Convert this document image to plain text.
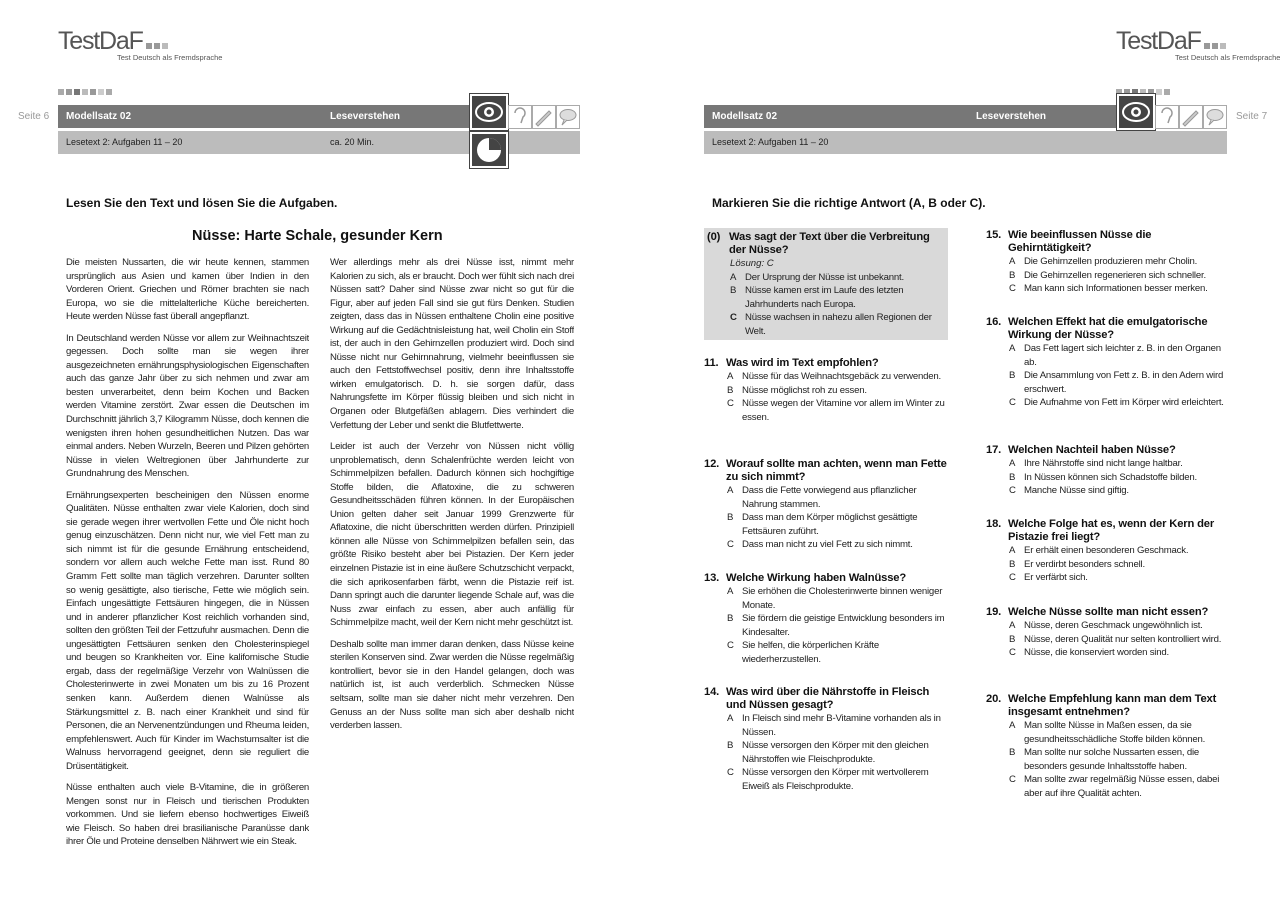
TestDaF
Test Deutsch als Fremdsprache
Seite 6 Modellsatz 02	Leseverstehen
Lesetext 2: Aufgaben 11 – 20	ca. 20 Min.
Lesen Sie den Text und lösen Sie die Aufgaben.
Nüsse: Harte Schale, gesunder Kern

Die meisten Nussarten, die wir heute kennen, stammen ursprünglich aus Asien und kamen über Indien in den Vorderen Orient. Griechen und Römer brachten sie nach Europa, wo sie die mittelalterliche Küche bereicherten. Heute werden Nüsse fast überall angepflanzt.

In Deutschland werden Nüsse vor allem zur Weihnachtszeit gegessen. Doch sollte man sie wegen ihrer ausgezeichneten ernährungsphysiologischen Eigenschaften auch das ganze Jahr über zu sich nehmen und zwar am besten unverarbeitet, denn beim Kochen und Backen werden Vitamine zerstört. Zwar essen die Deutschen im Durchschnitt jährlich 3,7 Kilogramm Nüsse, doch kennen die wenigsten ihren hohen gesundheitlichen Nutzen. Das war einmal anders. Neben Wurzeln, Beeren und Pilzen gehörten Nüsse in vielen Weltregionen über Jahrhunderte zur Grundnahrung des Menschen.

Ernährungsexperten bescheinigen den Nüssen enorme Qualitäten. Nüsse enthalten zwar viele Kalorien, doch sind sie gerade wegen ihrer wertvollen Fette und Öle nicht hoch genug einzuschätzen. Denn nicht nur, wie viel Fett man zu sich nimmt ist für die gesunde Ernährung entscheidend, sondern vor allem auch welche Fette man isst. Rund 80 Gramm Fett sollte man täglich verzehren. Darunter sollten so wenig gesättigte, also tierische, Fette wie möglich sein. Einfach ungesättigte Fettsäuren hingegen, die in Nüssen und in anderer pflanzlicher Kost reichlich vorhanden sind, sollten den größten Teil der Fettzufuhr ausmachen. Denn die ungesättigten Fettsäuren senken den Cholesterinspiegel und beugen so Krankheiten vor. Eine kalifornische Studie ergab, dass der regelmäßige Verzehr von Walnüssen die Cholesterinwerte in zwei Monaten um bis zu 16 Prozent senken kann. Außerdem dienen Walnüsse als Stärkungsmittel z. B. nach einer Krankheit und sind für Personen, die an Nervenentzündungen und Rheuma leiden, empfehlenswert. Auch für Kinder im Wachstumsalter ist die Walnuss hervorragend geeignet, denn sie reguliert die Drüsentätigkeit.

Nüsse enthalten auch viele B-Vitamine, die in größeren Mengen sonst nur in Fleisch und tierischen Produkten vorkommen. Und sie liefern ebenso hochwertiges Eiweiß wie Fleisch. So haben drei brasilianische Paranüsse dank ihrer Öle und Proteine denselben Nährwert wie ein Steak.

Wer allerdings mehr als drei Nüsse isst, nimmt mehr Kalorien zu sich, als er braucht. Doch wer fühlt sich nach drei Nüssen satt? Daher sind Nüsse zwar nicht so gut für die Figur, aber auf jeden Fall sind sie gut fürs Denken. Studien zeigten, dass das in Nüssen enthaltene Cholin eine positive Wirkung auf die Gedächtnisleistung hat, weil Cholin ein Stoff ist, der auch in den Gehirnzellen produziert wird. Doch sind Nüsse nicht nur Gehirnnahrung, vielmehr beeinflussen sie auch den Fettstoffwechsel positiv, denn ihre Inhaltsstoffe wirken emulgatorisch. D. h. sie sorgen dafür, dass Nahrungsfette im Körper flüssig bleiben und sich nicht in Organen oder Blutgefäßen ablagern. Dies verhindert die Verfettung der Leber und senkt die Blutfettwerte.

Leider ist auch der Verzehr von Nüssen nicht völlig unproblematisch, denn Schalenfrüchte werden leicht von Schimmelpilzen befallen. Dadurch können sich hochgiftige Stoffe bilden, die Aflatoxine, die zu schweren Gesundheitsschäden führen können. In der Europäischen Union gelten daher seit Januar 1999 Grenzwerte für Aflatoxine, die nicht überschritten werden dürfen. Prinzipiell können alle Nüsse von Schimmelpilzen befallen sein, das größte Risiko besteht aber bei Pistazien. Der Kern jeder einzelnen Pistazie ist in eine äußere Schutzschicht verpackt, die sich aprikosenfarben färbt, wenn die Pistazie reif ist. Dann springt auch die darunter liegende Schale auf, was die Nuss zwar einfach zu essen, aber auch anfällig für Schimmelpilze macht, weil der Kern nicht mehr geschützt ist.

Deshalb sollte man immer daran denken, dass Nüsse keine sterilen Konserven sind. Zwar werden die Nüsse regelmäßig kontrolliert, bevor sie in den Handel gelangen, doch was natürlich ist, ist auch verderblich. Schmecken Nüsse seltsam, sollte man sie daher nicht mehr verzehren. Den Genuss an der Nuss sollte man sich aber deshalb nicht verderben lassen.

TestDaF
Test Deutsch als Fremdsprache
Seite 7
Modellsatz 02	Leseverstehen
Lesetext 2: Aufgaben 11 – 20
Markieren Sie die richtige Antwort (A, B oder C).
(0) Was sagt der Text über die Verbreitung der Nüsse?
Lösung: C
A Der Ursprung der Nüsse ist unbekannt.
B Nüsse kamen erst im Laufe des letzten Jahrhunderts nach Europa.
C Nüsse wachsen in nahezu allen Regionen der Welt.
11. Was wird im Text empfohlen?
A Nüsse für das Weihnachtsgebäck zu verwenden.
B Nüsse möglichst roh zu essen.
C Nüsse wegen der Vitamine vor allem im Winter zu essen.
12. Worauf sollte man achten, wenn man Fette zu sich nimmt?
A Dass die Fette vorwiegend aus pflanzlicher Nahrung stammen.
B Dass man dem Körper möglichst gesättigte Fettsäuren zuführt.
C Dass man nicht zu viel Fett zu sich nimmt.
13. Welche Wirkung haben Walnüsse?
A Sie erhöhen die Cholesterinwerte binnen weniger Monate.
B Sie fördern die geistige Entwicklung besonders im Kindesalter.
C Sie helfen, die körperlichen Kräfte wiederherzustellen.
14. Was wird über die Nährstoffe in Fleisch und Nüssen gesagt?
A In Fleisch sind mehr B-Vitamine vorhanden als in Nüssen.
B Nüsse versorgen den Körper mit den gleichen Nährstoffen wie Fleischprodukte.
C Nüsse versorgen den Körper mit wertvollerem Eiweiß als Fleischprodukte.
15. Wie beeinflussen Nüsse die Gehirntätigkeit?
A Die Gehirnzellen produzieren mehr Cholin.
B Die Gehirnzellen regenerieren sich schneller.
C Man kann sich Informationen besser merken.
16. Welchen Effekt hat die emulgatorische Wirkung der Nüsse?
A Das Fett lagert sich leichter z. B. in den Organen ab.
B Die Ansammlung von Fett z. B. in den Adern wird erschwert.
C Die Aufnahme von Fett im Körper wird erleichtert.
17. Welchen Nachteil haben Nüsse?
A Ihre Nährstoffe sind nicht lange haltbar.
B In Nüssen können sich Schadstoffe bilden.
C Manche Nüsse sind giftig.
18. Welche Folge hat es, wenn der Kern der Pistazie frei liegt?
A Er erhält einen besonderen Geschmack.
B Er verdirbt besonders schnell.
C Er verfärbt sich.
19. Welche Nüsse sollte man nicht essen?
A Nüsse, deren Geschmack ungewöhnlich ist.
B Nüsse, deren Qualität nur selten kontrolliert wird.
C Nüsse, die konserviert worden sind.
20. Welche Empfehlung kann man dem Text insgesamt entnehmen?
A Man sollte Nüsse in Maßen essen, da sie gesundheitsschädliche Stoffe bilden können.
B Man sollte nur solche Nussarten essen, die besonders gesunde Inhaltsstoffe haben.
C Man sollte zwar regelmäßig Nüsse essen, dabei aber auf ihre Qualität achten.
